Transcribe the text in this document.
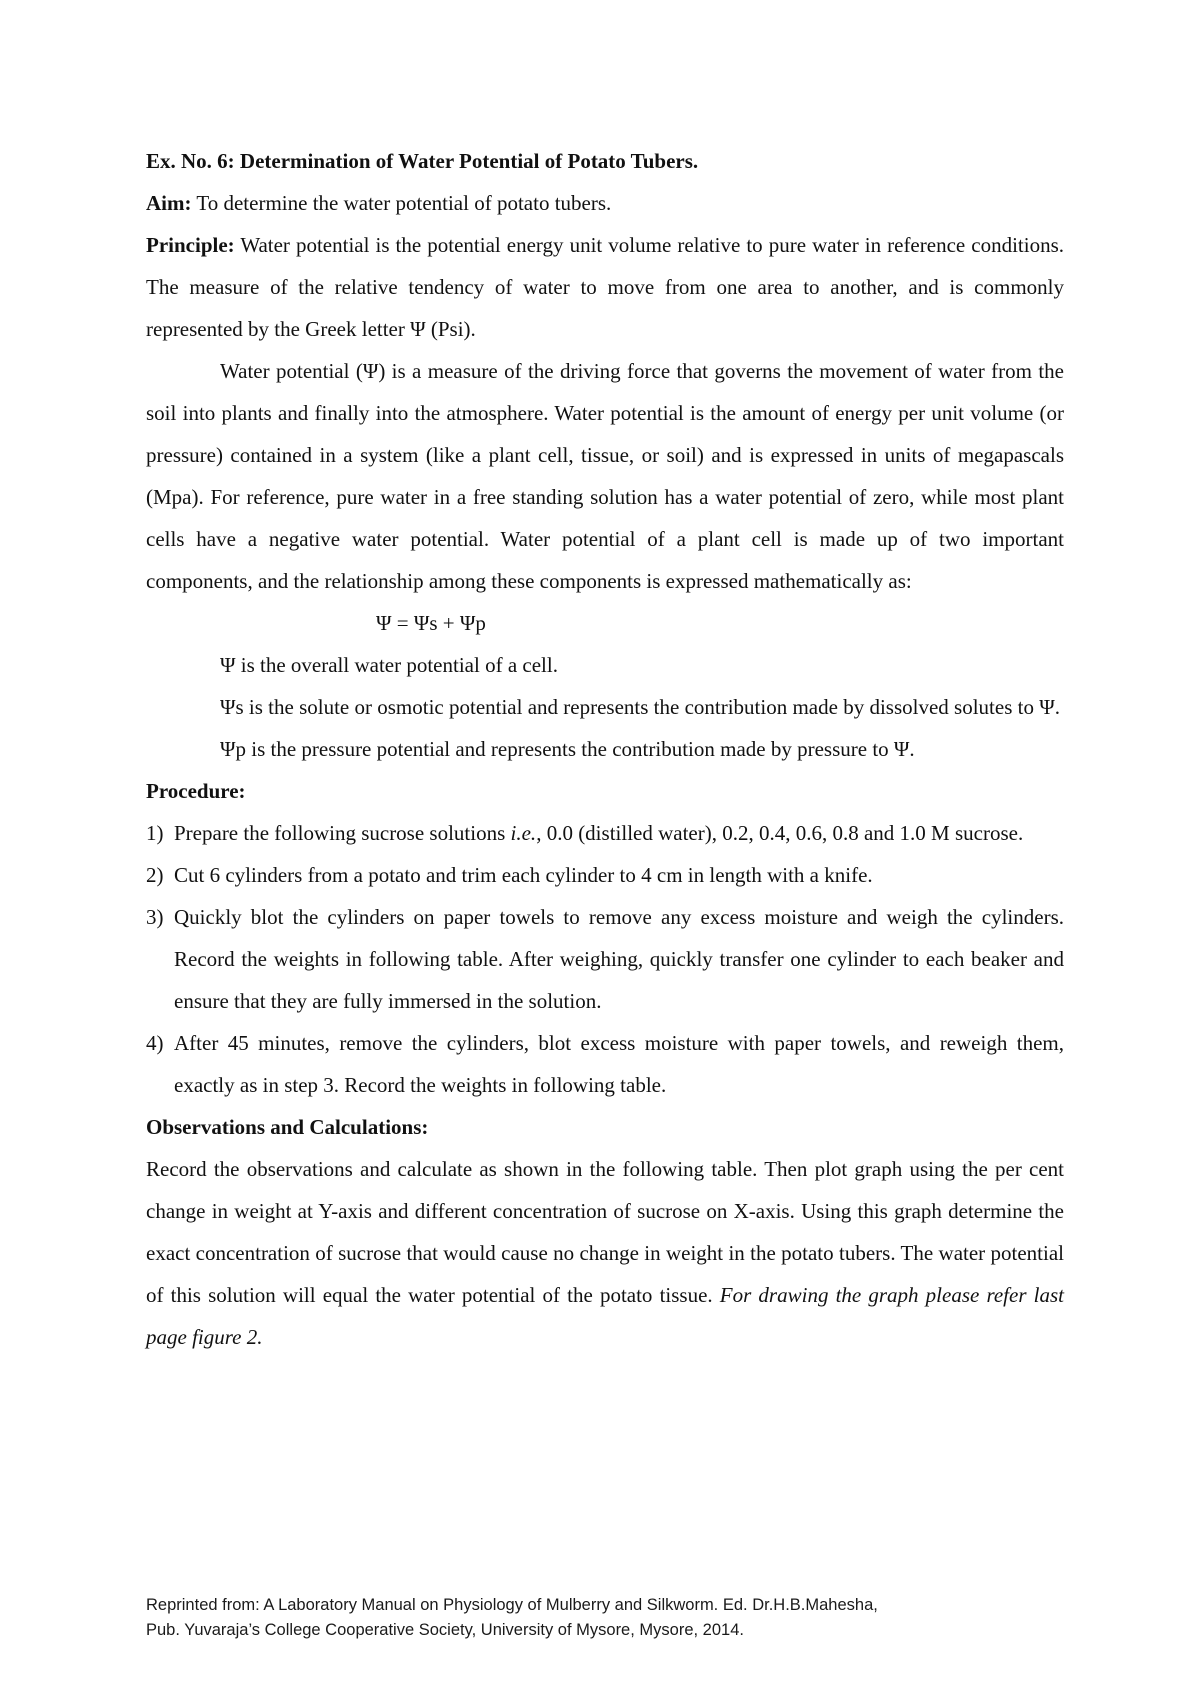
Ex. No. 6: Determination of Water Potential of Potato Tubers.

Aim: To determine the water potential of potato tubers.

Principle: Water potential is the potential energy unit volume relative to pure water in reference conditions. The measure of the relative tendency of water to move from one area to another, and is commonly represented by the Greek letter Ψ (Psi).

Water potential (Ψ) is a measure of the driving force that governs the movement of water from the soil into plants and finally into the atmosphere. Water potential is the amount of energy per unit volume (or pressure) contained in a system (like a plant cell, tissue, or soil) and is expressed in units of megapascals (Mpa). For reference, pure water in a free standing solution has a water potential of zero, while most plant cells have a negative water potential. Water potential of a plant cell is made up of two important components, and the relationship among these components is expressed mathematically as:

Ψ = Ψs + Ψp

Ψ is the overall water potential of a cell.

Ψs is the solute or osmotic potential and represents the contribution made by dissolved solutes to Ψ.

Ψp is the pressure potential and represents the contribution made by pressure to Ψ.

Procedure:

1) Prepare the following sucrose solutions i.e., 0.0 (distilled water), 0.2, 0.4, 0.6, 0.8 and 1.0 M sucrose.
2) Cut 6 cylinders from a potato and trim each cylinder to 4 cm in length with a knife.
3) Quickly blot the cylinders on paper towels to remove any excess moisture and weigh the cylinders. Record the weights in following table. After weighing, quickly transfer one cylinder to each beaker and ensure that they are fully immersed in the solution.
4) After 45 minutes, remove the cylinders, blot excess moisture with paper towels, and reweigh them, exactly as in step 3. Record the weights in following table.

Observations and Calculations:

Record the observations and calculate as shown in the following table. Then plot graph using the per cent change in weight at Y-axis and different concentration of sucrose on X-axis. Using this graph determine the exact concentration of sucrose that would cause no change in weight in the potato tubers. The water potential of this solution will equal the water potential of the potato tissue. For drawing the graph please refer last page figure 2.

Reprinted from: A Laboratory Manual on Physiology of Mulberry and Silkworm. Ed. Dr.H.B.Mahesha,
Pub. Yuvaraja’s College Cooperative Society, University of Mysore, Mysore, 2014.
